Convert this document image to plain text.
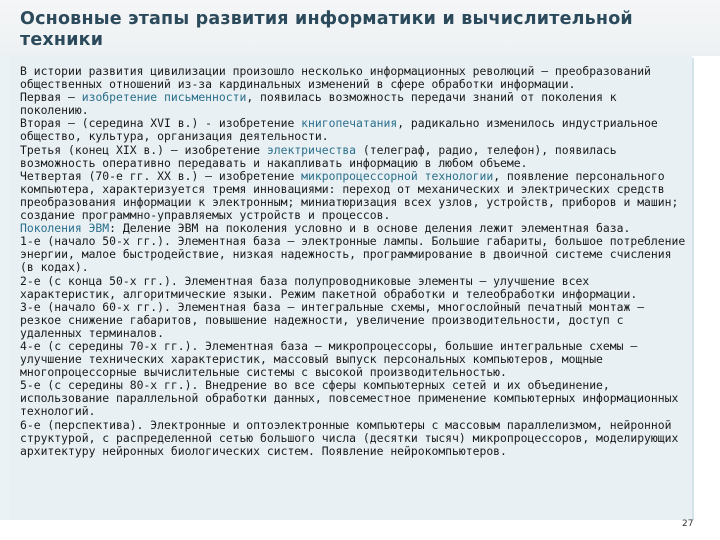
Основные этапы развития информатики и вычислительной техники

В истории развития цивилизации произошло несколько информационных революций – преобразований общественных отношений из-за кардинальных изменений в сфере обработки информации.

Первая – изобретение письменности, появилась возможность передачи знаний от поколения к поколению.

Вторая – (середина XVI в.) - изобретение книгопечатания, радикально изменилось индустриальное общество, культура, организация деятельности.

Третья (конец XIX в.) – изобретение электричества (телеграф, радио, телефон), появилась возможность оперативно передавать и накапливать информацию в любом объеме.

Четвертая (70-е гг. XX в.) – изобретение микропроцессорной технологии, появление персонального компьютера, характеризуется тремя инновациями: переход от механических и электрических средств преобразования информации к электронным; миниатюризация всех узлов, устройств, приборов и машин; создание программно-управляемых устройств и процессов.

Поколения ЭВМ: Деление ЭВМ на поколения условно и в основе деления лежит элементная база.

1-е (начало 50-х гг.). Элементная база – электронные лампы. Большие габариты, большое потребление энергии, малое быстродействие, низкая надежность, программирование в двоичной системе счисления (в кодах).

2-е (с конца 50-х гг.). Элементная база полупроводниковые элементы – улучшение всех характеристик, алгоритмические языки. Режим пакетной обработки и телеобработки информации.

3-е (начало 60-х гг.). Элементная база – интегральные схемы, многослойный печатный монтаж – резкое снижение габаритов, повышение надежности, увеличение производительности, доступ с удаленных терминалов.

4-е (с середины 70-х гг.). Элементная база – микропроцессоры, большие интегральные схемы – улучшение технических характеристик, массовый выпуск персональных компьютеров, мощные многопроцессорные вычислительные системы с высокой производительностью.

5-е (с середины 80-х гг.). Внедрение во все сферы компьютерных сетей и их объединение, использование параллельной обработки данных, повсеместное применение компьютерных информационных технологий.

6-е (перспектива). Электронные и оптоэлектронные компьютеры с массовым параллелизмом, нейронной структурой, с распределенной сетью большого числа (десятки тысяч) микропроцессоров, моделирующих архитектуру нейронных биологических систем. Появление нейрокомпьютеров.

27
